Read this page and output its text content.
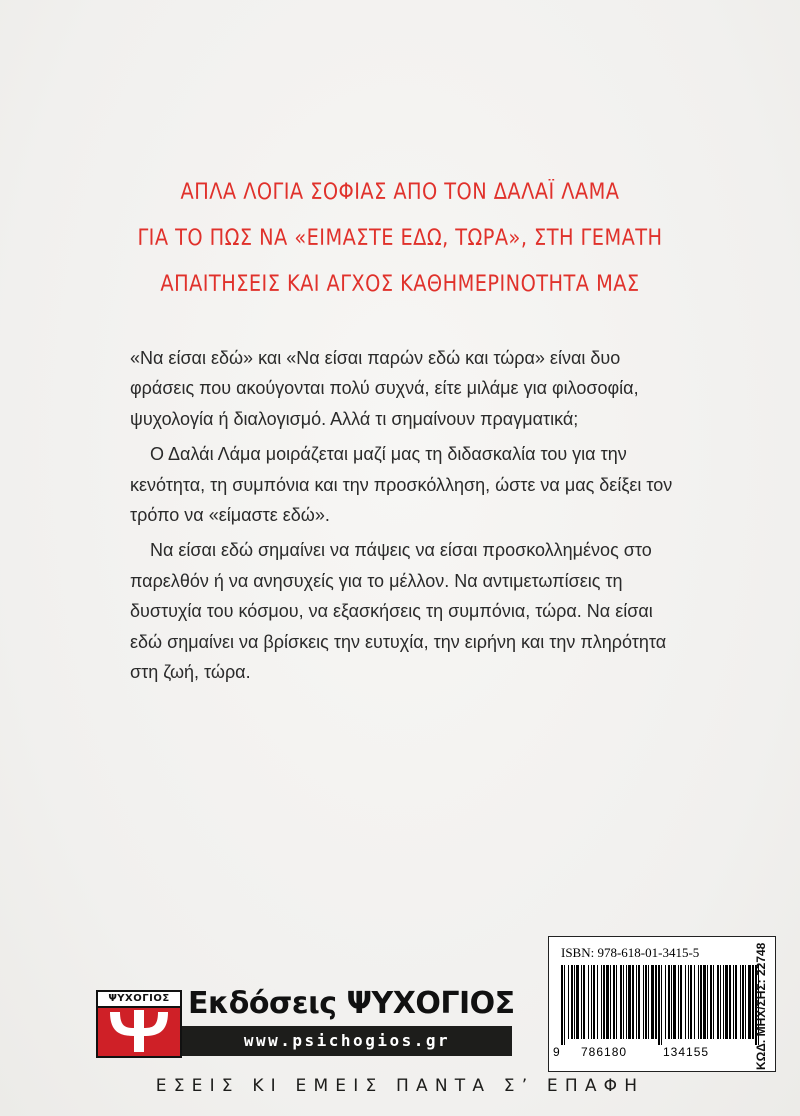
ΑΠΛΑ ΛΟΓΙΑ ΣΟΦΙΑΣ ΑΠΟ ΤΟΝ ΔΑΛΑΪ ΛΑΜΑ
ΓΙΑ ΤΟ ΠΩΣ ΝΑ «ΕΙΜΑΣΤΕ ΕΔΩ, ΤΩΡΑ», ΣΤΗ ΓΕΜΑΤΗ
ΑΠΑΙΤΗΣΕΙΣ ΚΑΙ ΑΓΧΟΣ ΚΑΘΗΜΕΡΙΝΟΤΗΤΑ ΜΑΣ

«Να είσαι εδώ» και «Να είσαι παρών εδώ και τώρα» είναι δυο φράσεις που ακούγονται πολύ συχνά, είτε μιλάμε για φιλοσοφία, ψυχολογία ή διαλογισμό. Αλλά τι σημαίνουν πραγματικά;

Ο Δαλάι Λάμα μοιράζεται μαζί μας τη διδασκαλία του για την κενότητα, τη συμπόνια και την προσκόλληση, ώστε να μας δείξει τον τρόπο να «είμαστε εδώ».

Να είσαι εδώ σημαίνει να πάψεις να είσαι προσκολλημένος στο παρελθόν ή να ανησυχείς για το μέλλον. Να αντιμετωπίσεις τη δυστυχία του κόσμου, να εξασκήσεις τη συμπόνια, τώρα. Να είσαι εδώ σημαίνει να βρίσκεις την ευτυχία, την ειρήνη και την πληρότητα στη ζωή, τώρα.

ΨΥΧΟΓΙΟΣ Εκδόσεις ΨΥΧΟΓΙΟΣ
www.psichogios.gr
ISBN: 978-618-01-3415-5
9 786180	134155	ΚΩΔ. ΜΗΧ/ΣΗΣ: 22748
ΕΣΕΙΣ ΚΙ ΕΜΕΙΣ ΠΑΝΤΑ Σ’ ΕΠΑΦΗ
